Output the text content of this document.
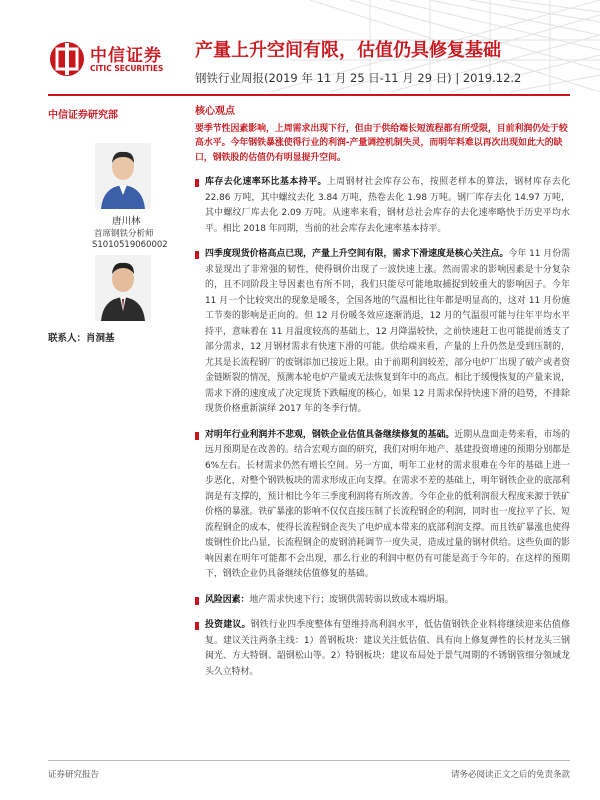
中信证券
CITIC SECURITIES
产量上升空间有限，估值仍具修复基础
钢铁行业周报(2019 年 11 月 25 日-11 月 29 日) | 2019.12.2
中信证券研究部
唐川林
首席钢铁分析师
S1010519060002
联系人：肖洞基
核心观点
要季节性因素影响，上周需求出现下行，但由于供给端长短流程都有所受限，目前利润仍处于较高水平。今年钢铁暴涨使得行业的利润-产量调控机制失灵，而明年料难以再次出现如此大的缺口，钢铁股的估值仍有明显提升空间。
库存去化速率环比基本持平。上周钢材社会库存公布，按照老样本的算法，钢材库存去化 22.86 万吨，其中螺纹去化 3.84 万吨，热卷去化 1.98 万吨。钢厂库存去化 14.97 万吨，其中螺纹厂库去化 2.09 万吨。从速率来看，钢材总社会库存的去化速率略快于历史平均水平。相比 2018 年同期，当前的社会库存去化速率基本持平。
四季度现货价格高点已现，产量上升空间有限，需求下滑速度是核心关注点。今年 11 月份需求显现出了非常强的韧性，使得钢价出现了一波快速上涨。然而需求的影响因素是十分复杂的，且不同阶段主导因素也有所不同，我们只能尽可能地取捕捉到较重大的影响因子。今年 11 月一个比较突出的现象是暖冬，全国各地的气温相比往年都是明显高的，这对 11 月份施工节奏的影响是正向的。但 12 月份暖冬效应逐渐消退，12 月的气温很可能与往年平均水平持平，意味着在 11 月温度较高的基础上，12 月降温较快，之前快速赶工也可能提前透支了部分需求，12 月钢材需求有快速下滑的可能。供给端来看，产量的上升仍然是受到压制的，尤其是长流程钢厂的废钢添加已接近上限。由于前期利润较差，部分电炉厂出现了破产或者资金链断裂的情况，预测本轮电炉产量或无法恢复到年中的高点。相比于缓慢恢复的产量来说，需求下滑的速度成了决定现货下跌幅度的核心，如果 12 月需求保持快速下滑的趋势，不排除现货价格重新演绎 2017 年的冬季行情。
对明年行业利润并不悲观，钢铁企业估值具备继续修复的基础。近期从盘面走势来看，市场的远月预期是在改善的。结合宏观方面的研究，我们对明年地产、基建投资增速的预期分别都是 6%左右。长材需求仍然有增长空间。另一方面，明年工业材的需求很难在今年的基础上进一步恶化，对整个钢铁板块的需求形成正向支撑。在需求不差的基础上，明年钢铁企业的底部利润是有支撑的，预计相比今年三季度利润将有所改善。今年企业的低利润很大程度来源于铁矿价格的暴涨。铁矿暴涨的影响不仅仅直接压制了长流程钢企的利润，同时也一度拉平了长、短流程钢企的成本，使得长流程钢企丧失了电炉成本带来的底部利润支撑。而且铁矿暴涨也使得废钢性价比凸显，长流程钢企的废钢消耗调节一度失灵，造成过量的钢材供给。这些负面的影响因素在明年可能都不会出现，那么行业的利润中枢仍有可能是高于今年的。在这样的预期下，钢铁企业仍具备继续估值修复的基础。
风险因素：地产需求快速下行；废钢供需转弱以致成本端坍塌。
投资建议。钢铁行业四季度整体有望维持高利润水平，低估值钢铁企业料将继续迎来估值修复。建议关注两条主线：1）普钢板块：建议关注低估值、具有向上修复弹性的长材龙头三钢闽光、方大特钢、韶钢松山等。2）特钢板块：建议布局处于景气周期的不锈钢管细分领域龙头久立特材。
证券研究报告	请务必阅读正文之后的免责条款
